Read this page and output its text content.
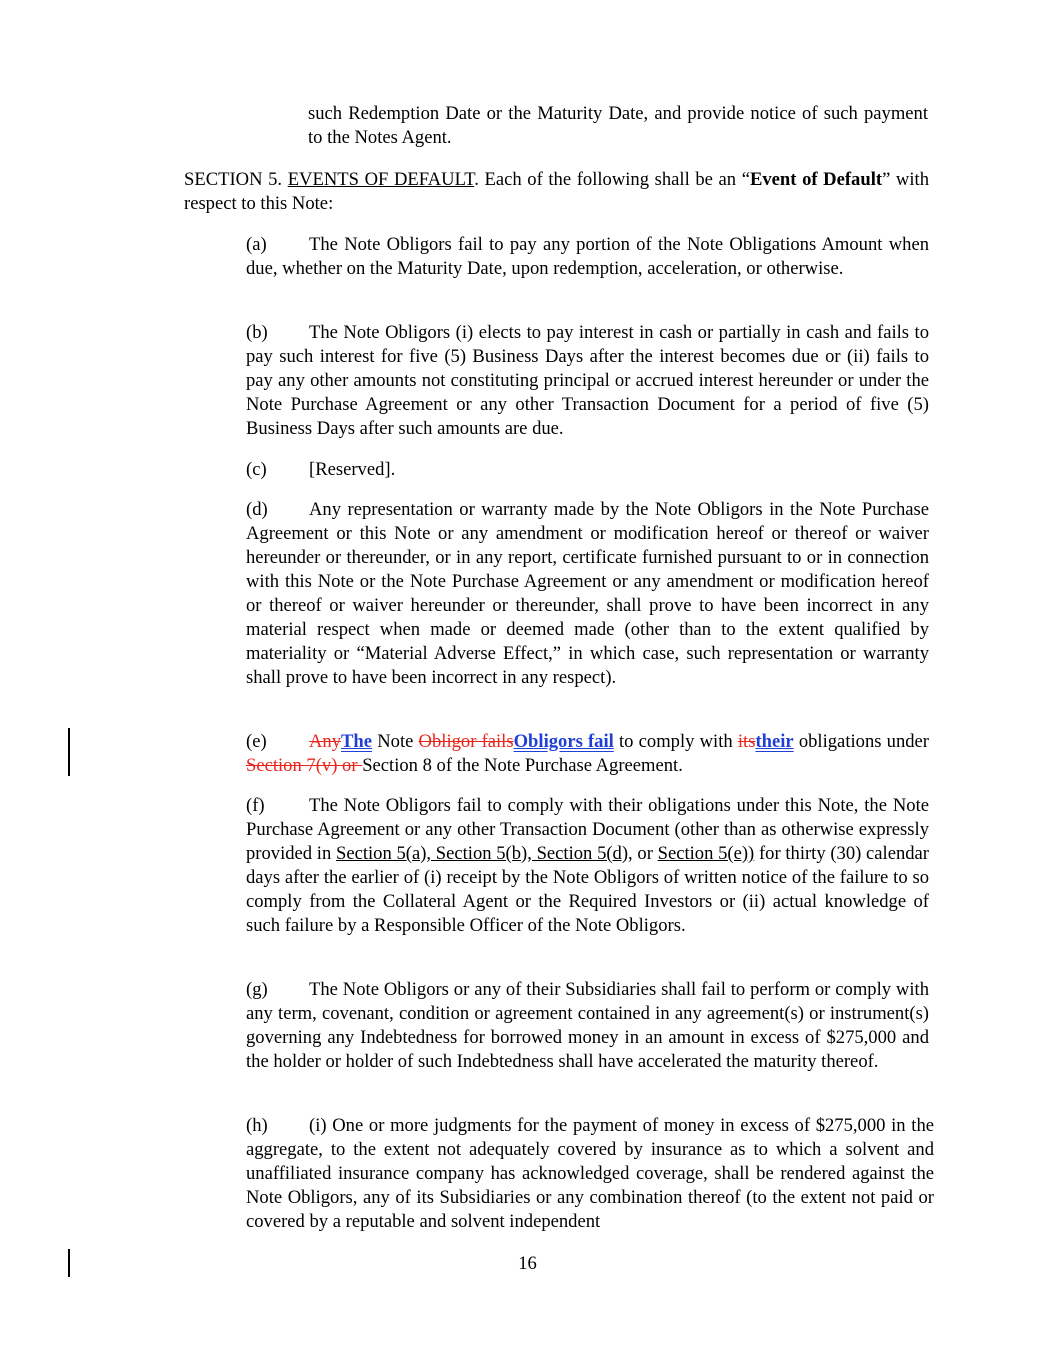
such Redemption Date or the Maturity Date, and provide notice of such payment to the Notes Agent.

SECTION 5. EVENTS OF DEFAULT. Each of the following shall be an “Event of Default” with respect to this Note:

(a) The Note Obligors fail to pay any portion of the Note Obligations Amount when due, whether on the Maturity Date, upon redemption, acceleration, or otherwise.

(b) The Note Obligors (i) elects to pay interest in cash or partially in cash and fails to pay such interest for five (5) Business Days after the interest becomes due or (ii) fails to pay any other amounts not constituting principal or accrued interest hereunder or under the Note Purchase Agreement or any other Transaction Document for a period of five (5) Business Days after such amounts are due.

(c) [Reserved].

(d) Any representation or warranty made by the Note Obligors in the Note Purchase Agreement or this Note or any amendment or modification hereof or thereof or waiver hereunder or thereunder, or in any report, certificate furnished pursuant to or in connection with this Note or the Note Purchase Agreement or any amendment or modification hereof or thereof or waiver hereunder or thereunder, shall prove to have been incorrect in any material respect when made or deemed made (other than to the extent qualified by materiality or “Material Adverse Effect,” in which case, such representation or warranty shall prove to have been incorrect in any respect).

(e) AnyThe Note Obligor failsObligors fail to comply with itstheir obligations under Section 7(v) or Section 8 of the Note Purchase Agreement.

(f) The Note Obligors fail to comply with their obligations under this Note, the Note Purchase Agreement or any other Transaction Document (other than as otherwise expressly provided in Section 5(a), Section 5(b), Section 5(d), or Section 5(e)) for thirty (30) calendar days after the earlier of (i) receipt by the Note Obligors of written notice of the failure to so comply from the Collateral Agent or the Required Investors or (ii) actual knowledge of such failure by a Responsible Officer of the Note Obligors.

(g) The Note Obligors or any of their Subsidiaries shall fail to perform or comply with any term, covenant, condition or agreement contained in any agreement(s) or instrument(s) governing any Indebtedness for borrowed money in an amount in excess of $275,000 and the holder or holder of such Indebtedness shall have accelerated the maturity thereof.

(h) (i) One or more judgments for the payment of money in excess of $275,000 in the aggregate, to the extent not adequately covered by insurance as to which a solvent and unaffiliated insurance company has acknowledged coverage, shall be rendered against the Note Obligors, any of its Subsidiaries or any combination thereof (to the extent not paid or covered by a reputable and solvent independent

16
